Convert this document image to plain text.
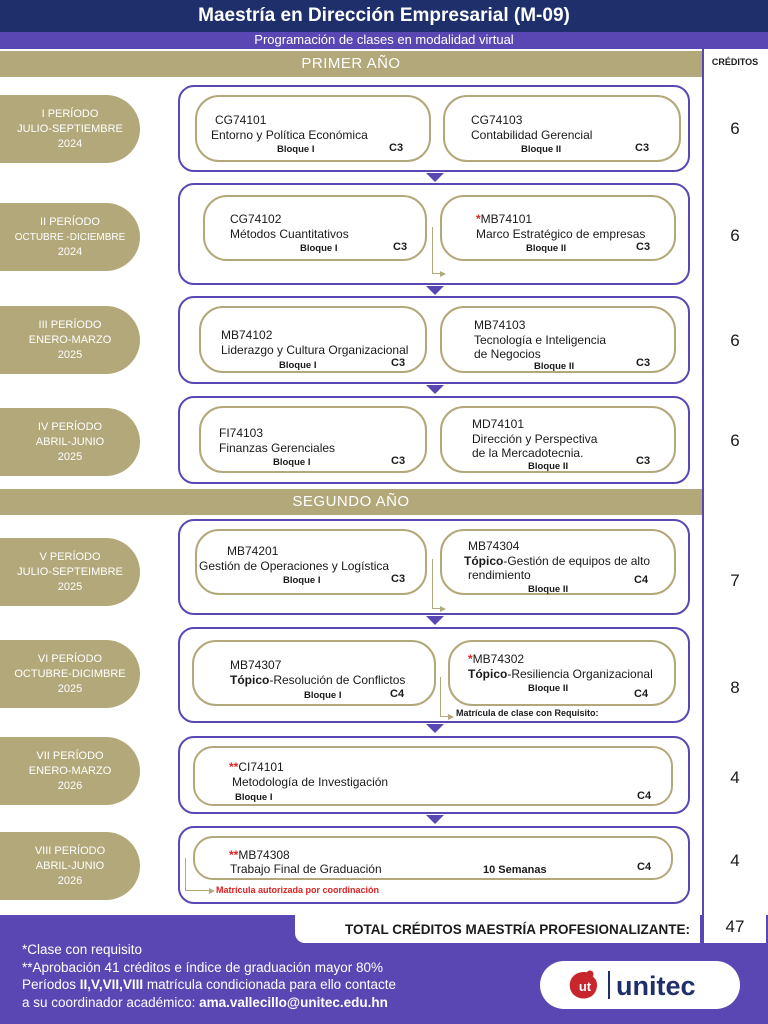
Maestría en Dirección Empresarial (M-09)
Programación de clases en modalidad virtual
CRÉDITOS
PRIMER AÑO
SEGUNDO AÑO
I PERÍODO
JULIO-SEPTIEMBRE
2024
CG74101
Entorno y Política Económica
Bloque I	C3
CG74103
Contabilidad Gerencial
Bloque II	C3
6
II PERÍODO
OCTUBRE -DICIEMBRE
2024
CG74102
Métodos Cuantitativos
Bloque I	C3
*MB74101
Marco Estratégico de empresas
Bloque II	C3
6
III PERÍODO
ENERO-MARZO
2025
MB74102
Liderazgo y Cultura Organizacional
Bloque I	C3
MB74103
Tecnología e Inteligencia
de Negocios
Bloque II	C3
6
IV PERÍODO
ABRIL-JUNIO
2025
FI74103
Finanzas Gerenciales
Bloque I	C3
MD74101
Dirección y Perspectiva
de la Mercadotecnia.
Bloque II	C3
6
V PERÍODO
JULIO-SEPTEIMBRE
2025
MB74201
Gestión de Operaciones y Logística
Bloque I	C3
MB74304
Tópico-Gestión de equipos de alto
rendimiento
Bloque II
C4	7
VI PERÍODO
OCTUBRE-DICIMBRE
2025
MB74307
Tópico-Resolución de Conflictos
Bloque I	C4
*MB74302
Tópico-Resiliencia Organizacional
Bloque II	C4
Matrícula de clase con Requisito:
8
VII PERÍODO
ENERO-MARZO
2026
**CI74101
Metodología de Investigación
Bloque I	C4
4
VIII PERÍODO
ABRIL-JUNIO
2026
**MB74308
Trabajo Final de Graduación	10 Semanas	C4
Matrícula autorizada por coordinación
4
TOTAL CRÉDITOS MAESTRÍA PROFESIONALIZANTE:	47
*Clase con requisito
**Aprobación 41 créditos e índice de graduación mayor 80%
Períodos II,V,VII,VIII matrícula condicionada para ello contacte
a su coordinador académico: ama.vallecillo@unitec.edu.hn
ut unitec
